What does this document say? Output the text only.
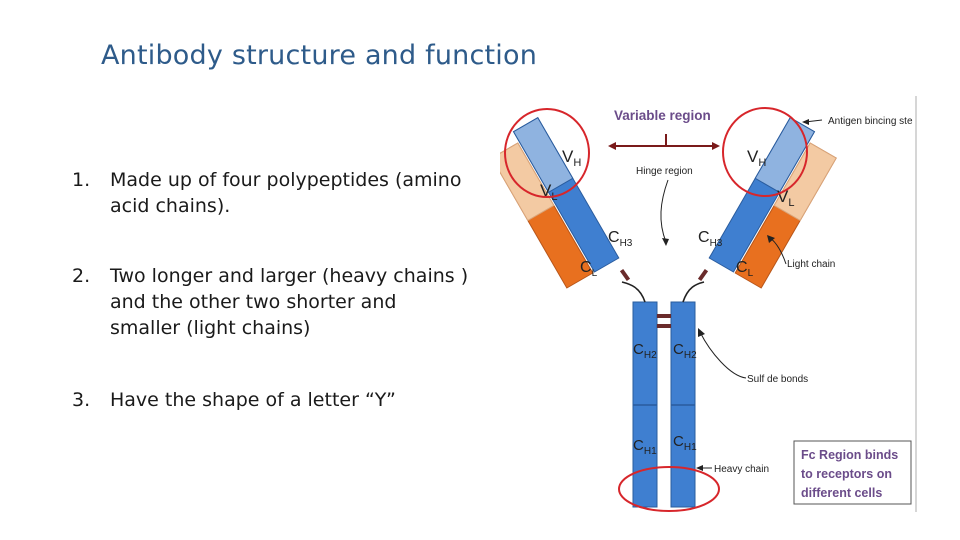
Antibody structure and function
1. Made up of four polypeptides (amino acid chains).
2. Two longer and larger (heavy chains ) and the other two shorter and smaller (light chains)
3. Have the shape of a letter “Y”
$V_H$
$V_L$
$C_{H3}$
$C_L$
$V_H$
$V_L$
$C_{H3}$
$C_L$
$C_{H2}$ $C_{H2}$
$C_{H1}$
$C_{H1}$
Variable region
Hinge region
Antigen bincing ste
Light chain
Sulf de bonds
Heavy chain
Fc Region binds
to receptors on
different cells
